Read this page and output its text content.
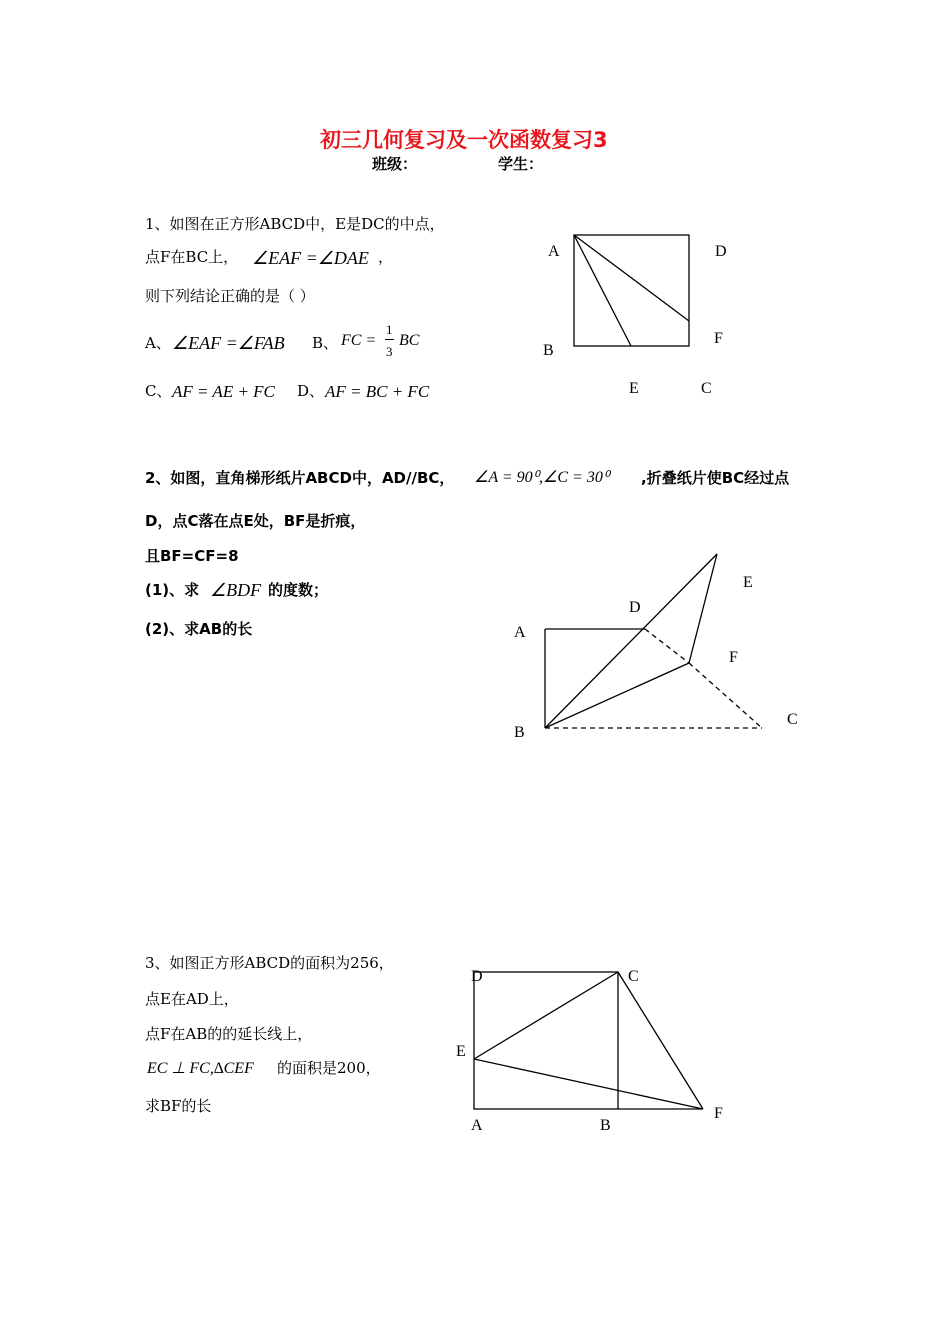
初三几何复习及一次函数复习3
班级：	学生：
1、如图在正方形ABCD中，E是DC的中点，
点F在BC上， ∠EAF =∠DAE ，
则下列结论正确的是（ ）
A、 ∠EAF =∠FAB B、 FC =
1
3
BC
C、 AF = AE + FC D、 AF = BC + FC
2、如图，直角梯形纸片ABCD中，AD//BC， ∠A = 90⁰,∠C = 30⁰ ,折叠纸片使BC经过点
D，点C落在点E处，BF是折痕，
且BF=CF=8
(1)、求 ∠BDF 的度数；
(2)、求AB的长
3、如图正方形ABCD的面积为256，
点E在AD上，
点F在AB的的延长线上，
EC ⊥ FC,∆CEF 的面积是200，
求BF的长
A	D
B
F
E	C
A
D
E
F
B
C
D	C
E
A	B
F
